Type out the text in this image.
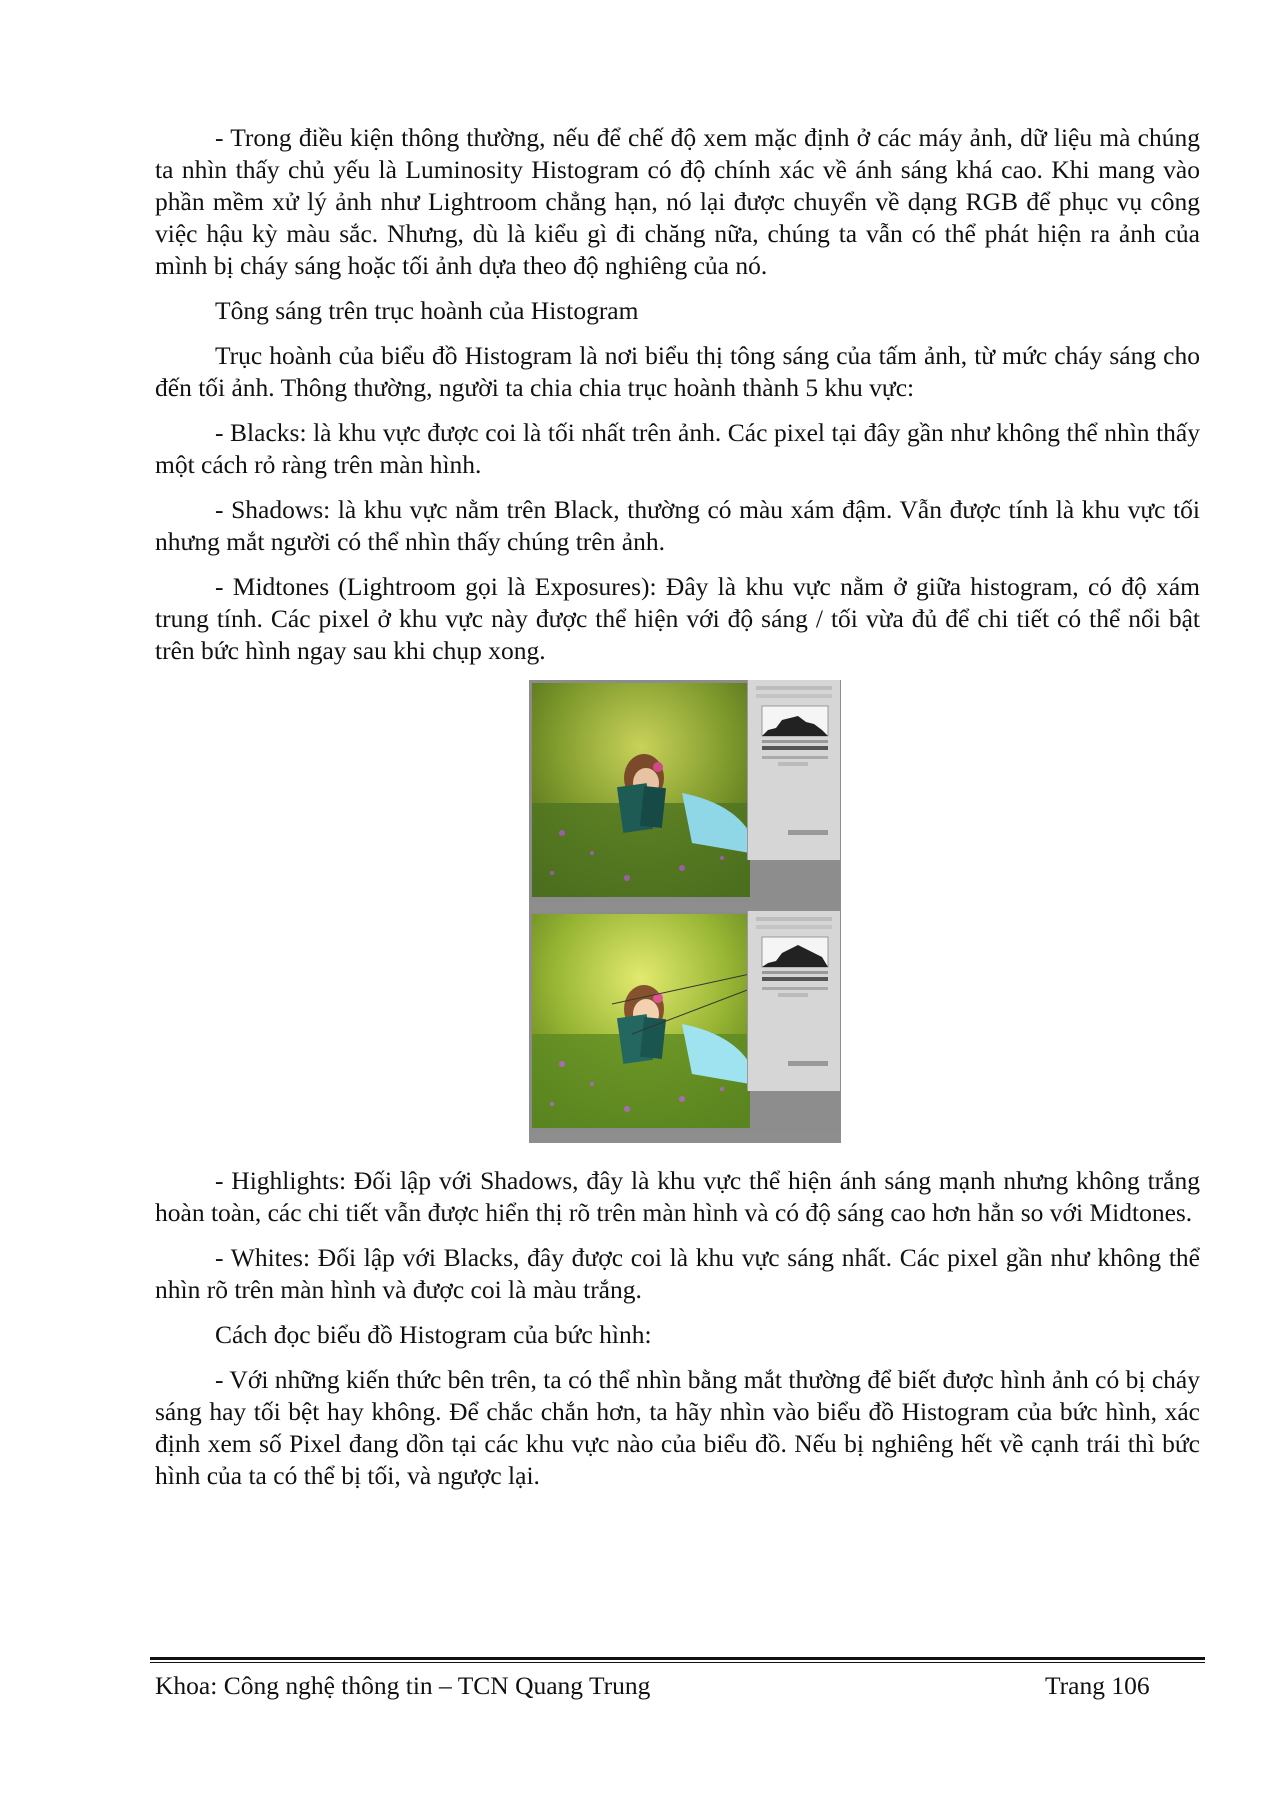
- Trong điều kiện thông thường, nếu để chế độ xem mặc định ở các máy ảnh, dữ liệu mà chúng ta nhìn thấy chủ yếu là Luminosity Histogram có độ chính xác về ánh sáng khá cao. Khi mang vào phần mềm xử lý ảnh như Lightroom chẳng hạn, nó lại được chuyển về dạng RGB để phục vụ công việc hậu kỳ màu sắc. Nhưng, dù là kiểu gì đi chăng nữa, chúng ta vẫn có thể phát hiện ra ảnh của mình bị cháy sáng hoặc tối ảnh dựa theo độ nghiêng của nó.

Tông sáng trên trục hoành của Histogram

Trục hoành của biểu đồ Histogram là nơi biểu thị tông sáng của tấm ảnh, từ mức cháy sáng cho đến tối ảnh. Thông thường, người ta chia chia trục hoành thành 5 khu vực:

- Blacks: là khu vực được coi là tối nhất trên ảnh. Các pixel tại đây gần như không thể nhìn thấy một cách rỏ ràng trên màn hình.

- Shadows: là khu vực nằm trên Black, thường có màu xám đậm. Vẫn được tính là khu vực tối nhưng mắt người có thể nhìn thấy chúng trên ảnh.

- Midtones (Lightroom gọi là Exposures): Đây là khu vực nằm ở giữa histogram, có độ xám trung tính. Các pixel ở khu vực này được thể hiện với độ sáng / tối vừa đủ để chi tiết có thể nổi bật trên bức hình ngay sau khi chụp xong.

- Highlights: Đối lập với Shadows, đây là khu vực thể hiện ánh sáng mạnh nhưng không trắng hoàn toàn, các chi tiết vẫn được hiển thị rõ trên màn hình và có độ sáng cao hơn hẳn so với Midtones.

- Whites: Đối lập với Blacks, đây được coi là khu vực sáng nhất. Các pixel gần như không thể nhìn rõ trên màn hình và được coi là màu trắng.

Cách đọc biểu đồ Histogram của bức hình:

- Với những kiến thức bên trên, ta có thể nhìn bằng mắt thường để biết được hình ảnh có bị cháy sáng hay tối bệt hay không. Để chắc chắn hơn, ta hãy nhìn vào biểu đồ Histogram của bức hình, xác định xem số Pixel đang dồn tại các khu vực nào của biểu đồ. Nếu bị nghiêng hết về cạnh trái thì bức hình của ta có thể bị tối, và ngược lại.

Khoa: Công nghệ thông tin – TCN Quang Trung	Trang 106
